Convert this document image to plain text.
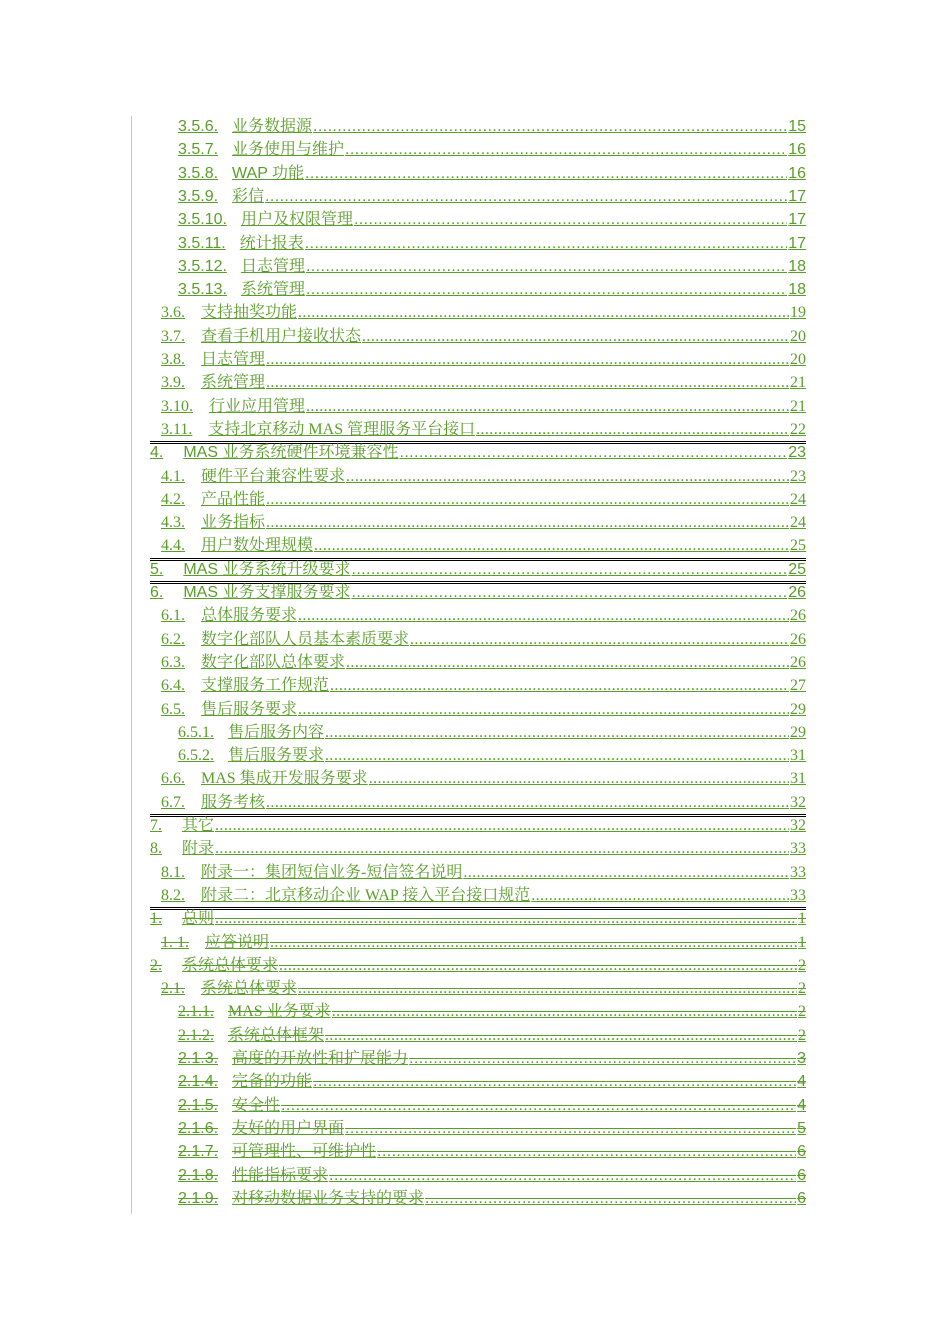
3.5.6. 业务数据源 .....	15
3.5.7. 业务使用与维护 .....	16
3.5.8. WAP 功能 .....	16
3.5.9. 彩信 .....	17
3.5.10. 用户及权限管理 .....	17
3.5.11. 统计报表 .....	17
3.5.12. 日志管理 .....	18
3.5.13. 系统管理 .....	18
3.6. 支持抽奖功能 .....	19
3.7. 查看手机用户接收状态 .....	20
3.8. 日志管理 .....	20
3.9. 系统管理 .....	21
3.10. 行业应用管理 .....	21
3.11. 支持北京移动 MAS 管理服务平台接口 .....	22
4. MAS 业务系统硬件环境兼容性 .....	23
4.1. 硬件平台兼容性要求 .....	23
4.2. 产品性能 .....	24
4.3. 业务指标 .....	24
4.4. 用户数处理规模 .....	25
5. MAS 业务系统升级要求 .....	25
6. MAS 业务支撑服务要求 .....	26
6.1. 总体服务要求 .....	26
6.2. 数字化部队人员基本素质要求 .....	26
6.3. 数字化部队总体要求 .....	26
6.4. 支撑服务工作规范 .....	27
6.5. 售后服务要求 .....	29
6.5.1. 售后服务内容 .....	29
6.5.2. 售后服务要求 .....	31
6.6. MAS 集成开发服务要求 .....	31
6.7. 服务考核 .....	32
7. 其它 .....	32
8. 附录 .....	33
8.1. 附录一：集团短信业务-短信签名说明 .....	33
8.2. 附录二：北京移动企业 WAP 接入平台接口规范 .....	33
1. 总则 .....	1
1. 1. 应答说明 .....	1
2. 系统总体要求 .....	2
2.1. 系统总体要求 .....	2
2.1.1. MAS 业务要求 .....	2
2.1.2. 系统总体框架 .....	2
2.1.3. 高度的开放性和扩展能力 .....	3
2.1.4. 完备的功能 .....	4
2.1.5. 安全性 .....	4
2.1.6. 友好的用户界面 .....	5
2.1.7. 可管理性、可维护性 .....	6
2.1.8. 性能指标要求 .....	6
2.1.9. 对移动数据业务支持的要求 .....	6
